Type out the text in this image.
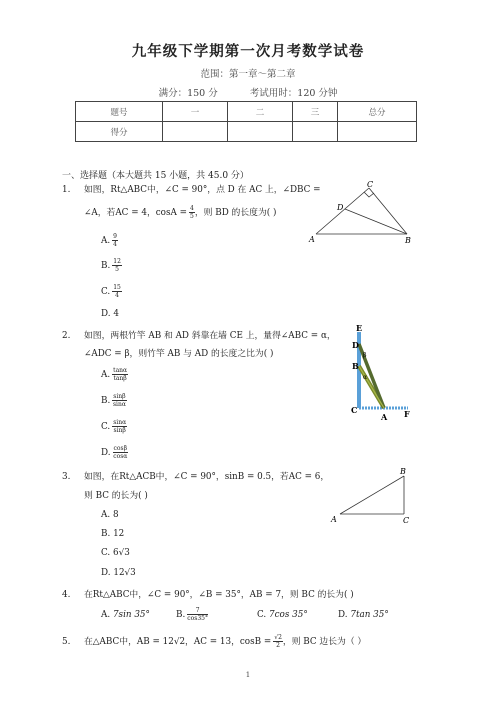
九年级下学期第一次月考数学试卷
范围：第一章～第二章
满分：150 分	考试用时：120 分钟
题号	一	二	三	总分
得分				
一、选择题（本大题共 15 小题，共 45.0 分）
1. 如图，Rt△ABC中，∠C = 90°，点 D 在 AC 上，∠DBC =
∠A，若AC = 4，$\cos A = \frac{4}{5}$ ，则 BD 的长度为( )
A. $\frac{9}{4}$
B. $\frac{12}{5}$
C. $\frac{15}{4}$
D. 4
C
D
A	B
2. 如图，两根竹竿 AB 和 AD 斜靠在墙 CE 上，量得∠ABC = α，
∠ADC = β，则竹竿 AB 与 AD 的长度之比为( )
A. $\frac{\tan\alpha}{\tan\beta}$
B. $\frac{\sin\beta}{\sin\alpha}$
C. $\frac{\sin\alpha}{\sin\beta}$
D. $\frac{\cos\beta}{\cos\alpha}$
E
D
B
C
A F
β
α
3. 如图，在Rt△ACB中，∠C = 90°，sinB = 0.5，若AC = 6，
则 BC 的长为( )
A. 8
B. 12
C. 6√3
D. 12√3
B
A	C
4. 在Rt△ABC中，∠C = 90°，∠B = 35°，AB = 7，则 BC 的长为( )
A. 7sin 35°	B. $\frac{7}{\cos 35^\circ}$	C. 7cos 35°	D. 7tan 35°
5. 在△ABC中，AB = 12√2，AC = 13，$\cos B = \frac{√2}{2}$ ，则 BC 边长为（ ）
1
